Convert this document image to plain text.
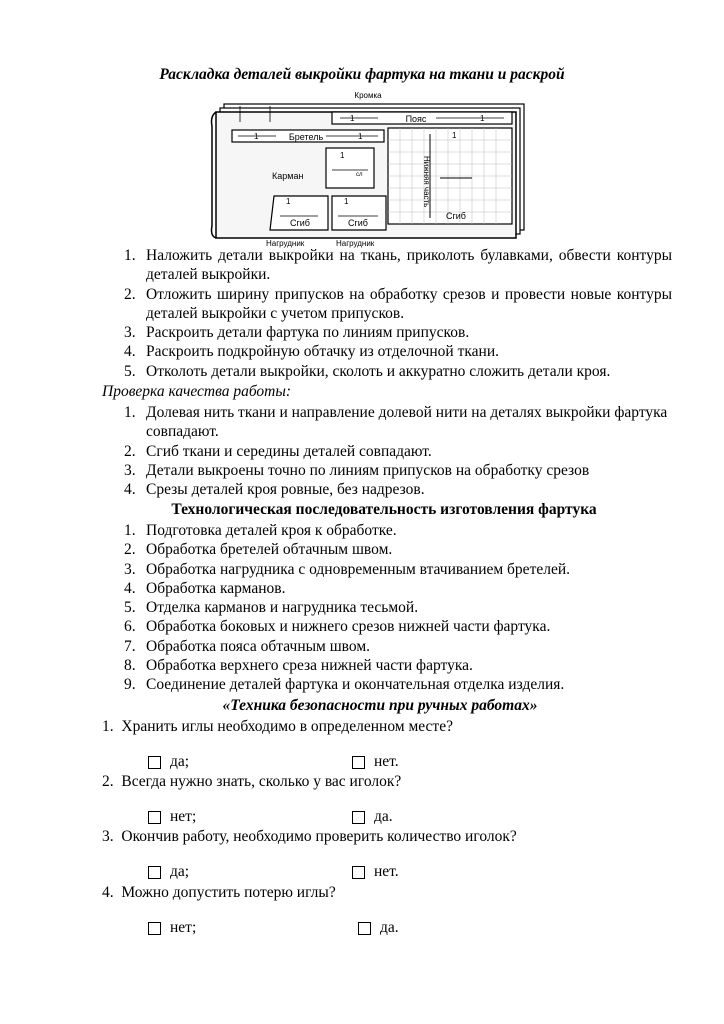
Раскладка деталей выкройки фартука на ткани и раскрой
Кромка
1	Пояс	1
1	Бретель	1	1
Нижняя часть
Сгиб
1
сл
Карман
1
Сгиб
1
Сгиб
Нагрудник	Нагрудник
1. Наложить детали выкройки на ткань, приколоть булавками, обвести контуры деталей выкройки.
2. Отложить ширину припусков на обработку срезов и провести новые контуры деталей выкройки с учетом припусков.
3. Раскроить детали фартука по линиям припусков.
4. Раскроить подкройную обтачку из отделочной ткани.
5. Отколоть детали выкройки, сколоть и аккуратно сложить детали кроя.
Проверка качества работы:
1. Долевая нить ткани и направление долевой нити на деталях выкройки фартука совпадают.
2. Сгиб ткани и середины деталей совпадают.
3. Детали выкроены точно по линиям припусков на обработку срезов
4. Срезы деталей кроя ровные, без надрезов.
Технологическая последовательность изготовления фартука
1. Подготовка деталей кроя к обработке.
2. Обработка бретелей обтачным швом.
3. Обработка нагрудника с одновременным втачиванием бретелей.
4. Обработка карманов.
5. Отделка карманов и нагрудника тесьмой.
6. Обработка боковых и нижнего срезов нижней части фартука.
7. Обработка пояса обтачным швом.
8. Обработка верхнего среза нижней части фартука.
9. Соединение деталей фартука и окончательная отделка изделия.
«Техника безопасности при ручных работах»
1. Хранить иглы необходимо в определенном месте?
да;	нет.
2. Всегда нужно знать, сколько у вас иголок?
нет;	да.
3. Окончив работу, необходимо проверить количество иголок?
да;	нет.
4. Можно допустить потерю иглы?
нет;	да.
